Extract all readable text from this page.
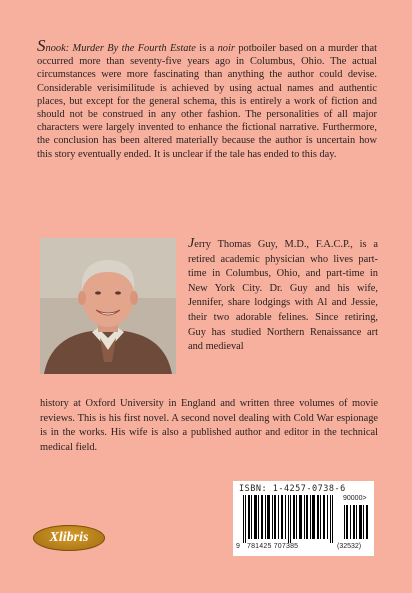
Snook: Murder By the Fourth Estate is a noir potboiler based on a murder that occurred more than seventy-five years ago in Columbus, Ohio. The actual circumstances were more fascinating than anything the author could devise. Considerable verisimilitude is achieved by using actual names and authentic places, but except for the general schema, this is entirely a work of fiction and should not be construed in any other fashion. The personalities of all major characters were largely invented to enhance the fictional narrative. Furthermore, the conclusion has been altered materially because the author is uncertain how this story eventually ended. It is unclear if the tale has ended to this day.
Jerry Thomas Guy, M.D., F.A.C.P., is a retired academic physician who lives part-time in Columbus, Ohio, and part-time in New York City. Dr. Guy and his wife, Jennifer, share lodgings with Al and Jessie, their two adorable felines. Since retiring, Guy has studied Northern Renaissance art and medieval
history at Oxford University in England and written three volumes of movie reviews. This is his first novel. A second novel dealing with Cold War espionage is in the works. His wife is also a published author and editor in the technical medical field.
ISBN: 1-4257-0738-6
90000>
9 781425 707385	(32532)
Xlibris
